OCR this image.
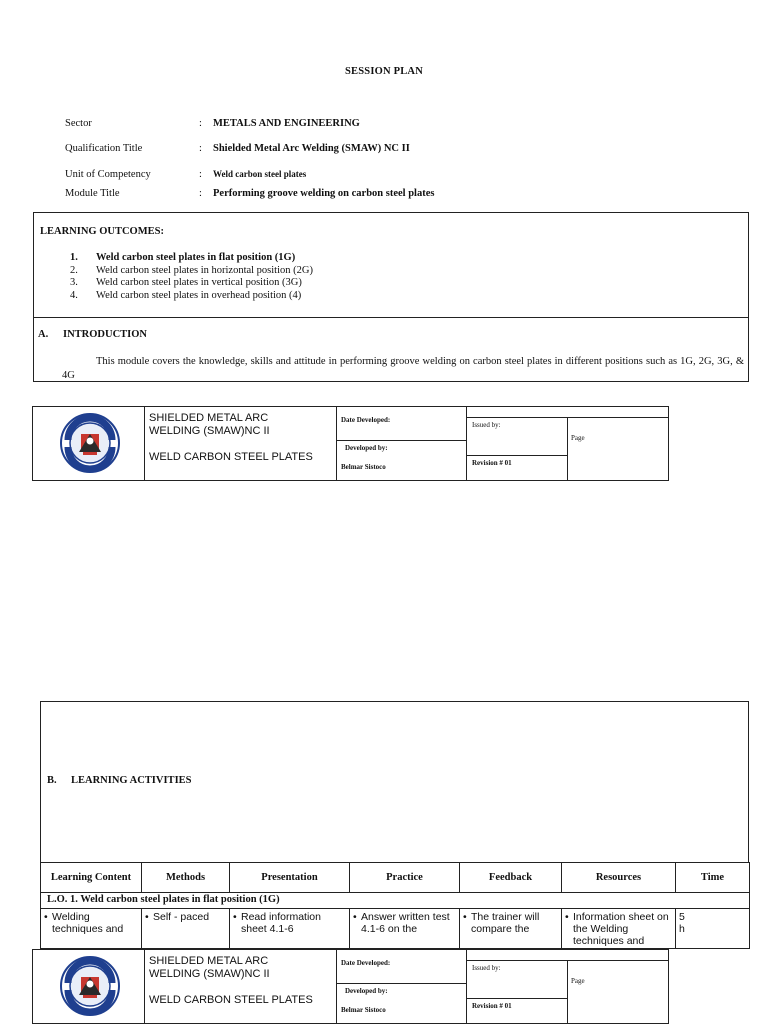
SESSION PLAN
Sector	: METALS AND ENGINEERING
Qualification Title	: Shielded Metal Arc Welding (SMAW) NC II
Unit of Competency	: Weld carbon steel plates
Module Title	: Performing groove welding on carbon steel plates
LEARNING OUTCOMES:
1. Weld carbon steel plates in flat position (1G)
2. Weld carbon steel plates in horizontal position (2G)
3. Weld carbon steel plates in vertical position (3G)
4. Weld carbon steel plates in overhead position (4)
A. INTRODUCTION
This module covers the knowledge, skills and attitude in performing groove welding on carbon steel plates in different positions such as 1G, 2G, 3G, & 4G
SHIELDED METAL ARC
WELDING (SMAW)NC II
WELD CARBON STEEL PLATES
Date Developed:
Developed by:
Belmar Sistoco
Issued by:
Revision # 01
Page
B. LEARNING ACTIVITIES
Learning Content	Methods	Presentation	Practice	Feedback	Resources	Time
L.O. 1. Weld carbon steel plates in flat position (1G)						

• Welding techniques and	• Self - paced	• Read information sheet 4.1-6	• Answer written test 4.1-6 on the	• The trainer will compare the	• Information sheet on the Welding techniques and	5 h
SHIELDED METAL ARC
WELDING (SMAW)NC II
WELD CARBON STEEL PLATES
Date Developed:
Developed by:
Belmar Sistoco
Issued by:
Revision # 01
Page
